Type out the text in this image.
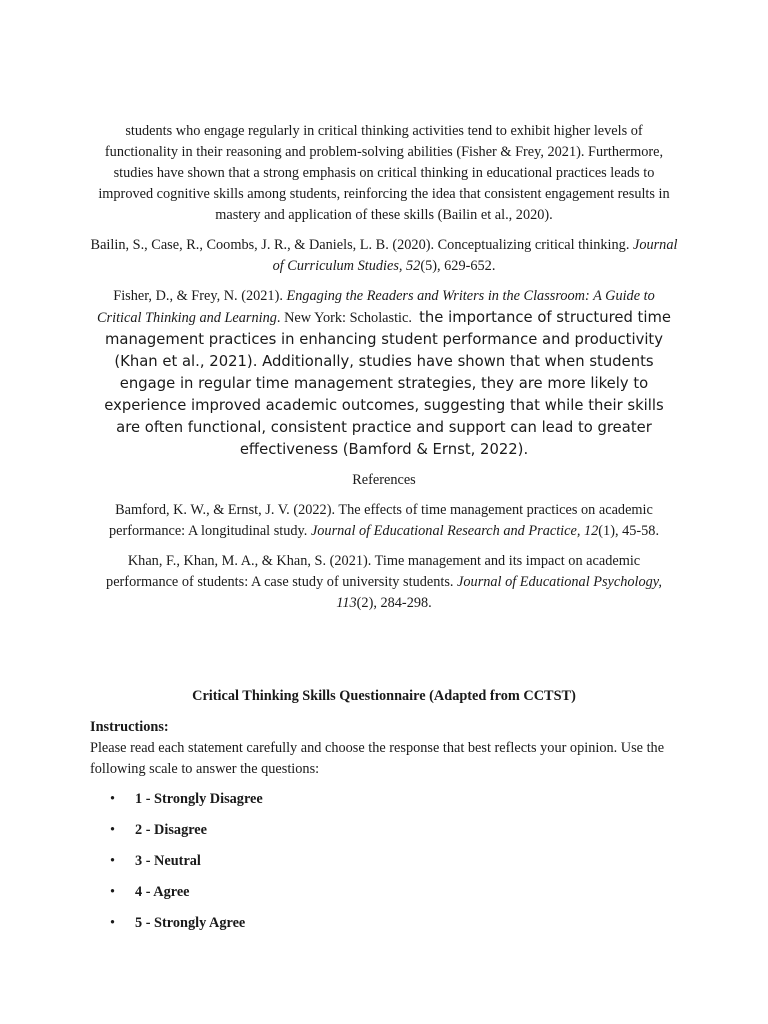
students who engage regularly in critical thinking activities tend to exhibit higher levels of functionality in their reasoning and problem-solving abilities (Fisher & Frey, 2021). Furthermore, studies have shown that a strong emphasis on critical thinking in educational practices leads to improved cognitive skills among students, reinforcing the idea that consistent engagement results in mastery and application of these skills (Bailin et al., 2020).

Bailin, S., Case, R., Coombs, J. R., & Daniels, L. B. (2020). Conceptualizing critical thinking. Journal of Curriculum Studies, 52(5), 629-652.

Fisher, D., & Frey, N. (2021). Engaging the Readers and Writers in the Classroom: A Guide to Critical Thinking and Learning. New York: Scholastic. the importance of structured time management practices in enhancing student performance and productivity (Khan et al., 2021). Additionally, studies have shown that when students engage in regular time management strategies, they are more likely to experience improved academic outcomes, suggesting that while their skills are often functional, consistent practice and support can lead to greater effectiveness (Bamford & Ernst, 2022).

References

Bamford, K. W., & Ernst, J. V. (2022). The effects of time management practices on academic performance: A longitudinal study. Journal of Educational Research and Practice, 12(1), 45-58.

Khan, F., Khan, M. A., & Khan, S. (2021). Time management and its impact on academic performance of students: A case study of university students. Journal of Educational Psychology, 113(2), 284-298.

Critical Thinking Skills Questionnaire (Adapted from CCTST)

Instructions:

Please read each statement carefully and choose the response that best reflects your opinion. Use the following scale to answer the questions:

• 1 - Strongly Disagree
• 2 - Disagree
• 3 - Neutral
• 4 - Agree
• 5 - Strongly Agree
